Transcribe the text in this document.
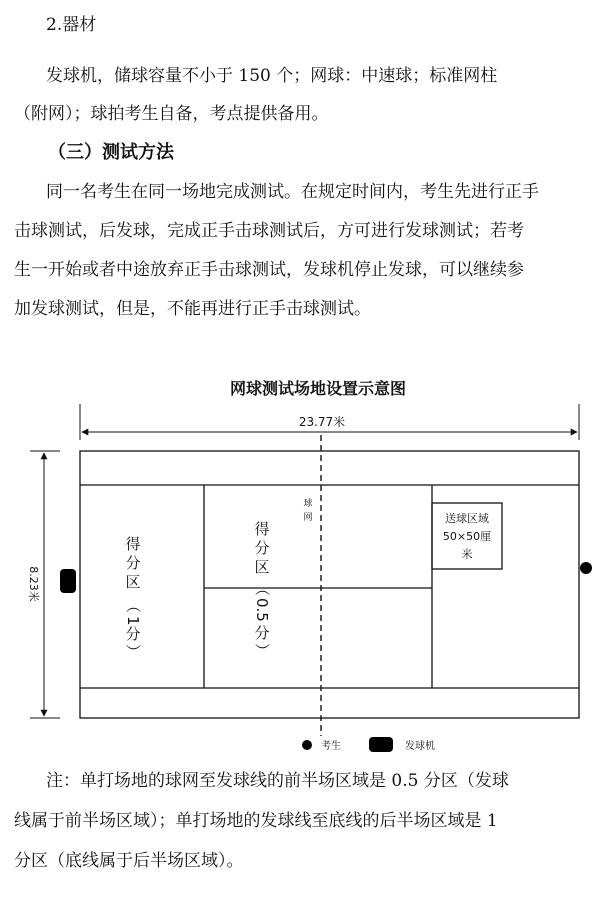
2.器材
发球机，储球容量不小于 150 个；网球：中速球；标准网柱
（附网）；球拍考生自备，考点提供备用。
（三）测试方法
同一名考生在同一场地完成测试。在规定时间内，考生先进行正手
击球测试，后发球，完成正手击球测试后，方可进行发球测试；若考
生一开始或者中途放弃正手击球测试，发球机停止发球，可以继续参
加发球测试，但是，不能再进行正手击球测试。
网球测试场地设置示意图
23.77米
8.23米
球
网
得
分
区
（
1
分
）
得
分
区
（
0.5
分
）
送球区域
50×50厘
米
考生	发球机
注：单打场地的球网至发球线的前半场区域是 0.5 分区（发球
线属于前半场区域）；单打场地的发球线至底线的后半场区域是 1
分区（底线属于后半场区域）。
